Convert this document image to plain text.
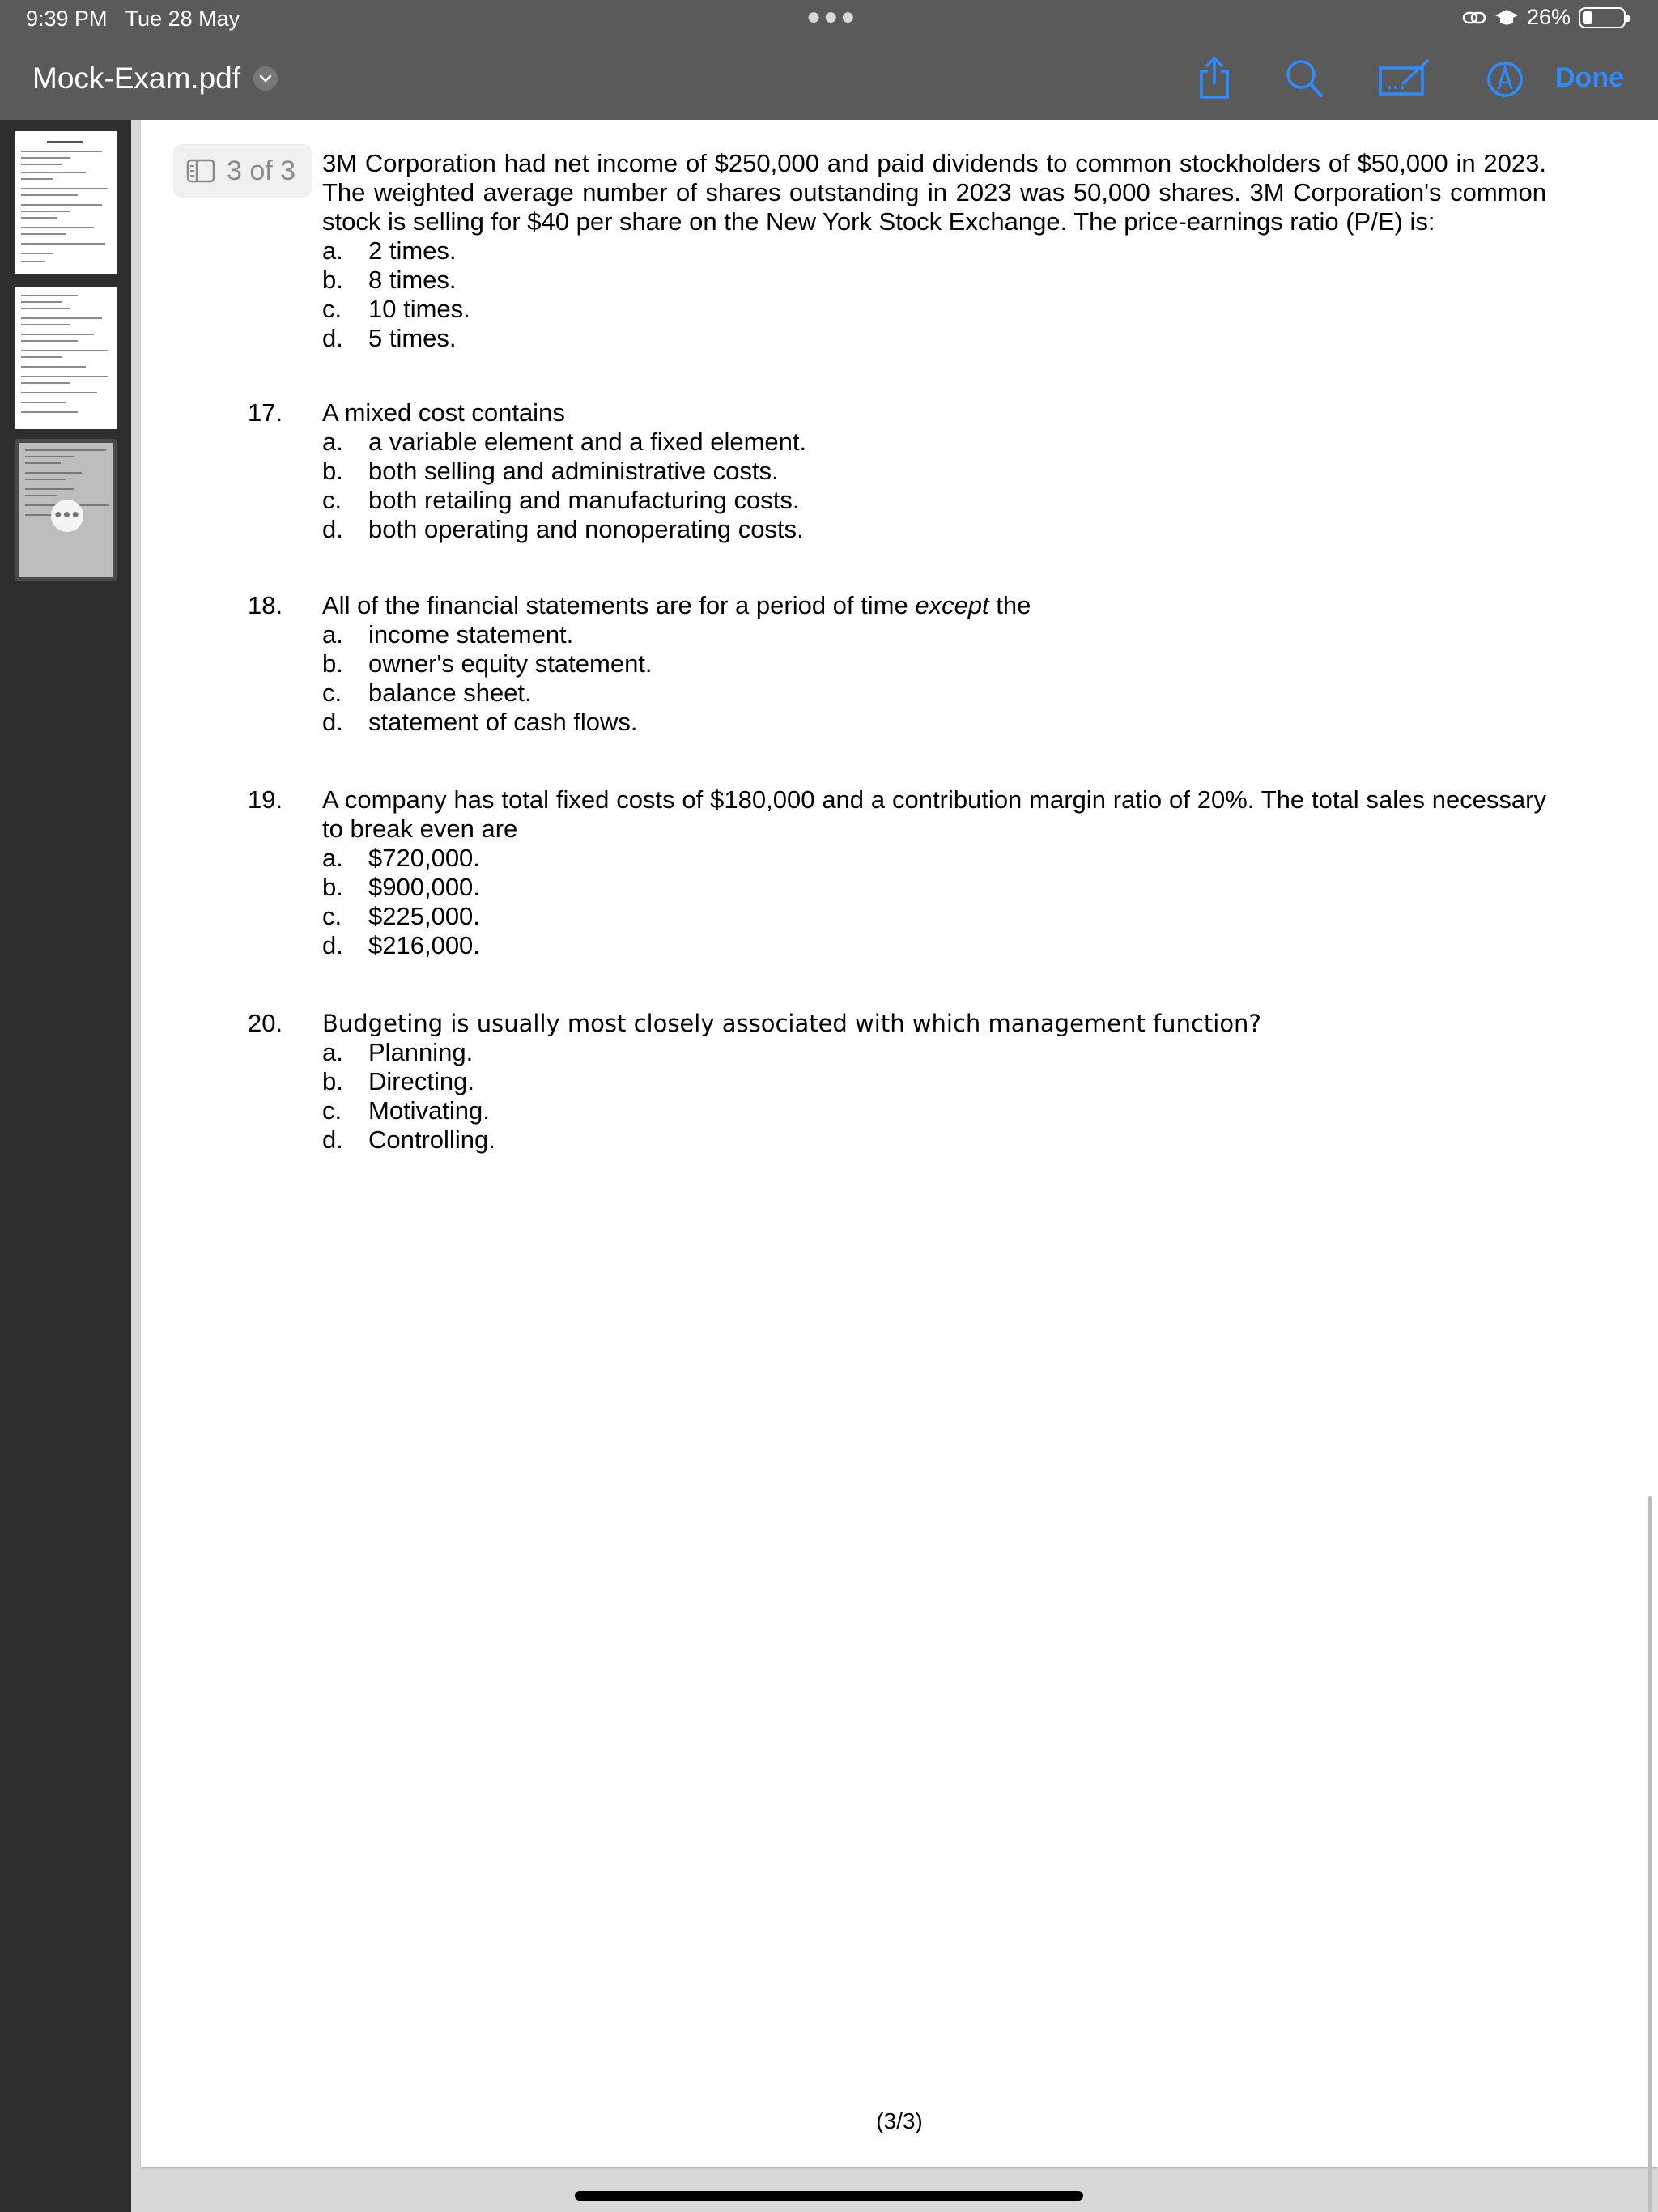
9:39 PM Tue 28 May	●●●	26%
Mock-Exam.pdf	Done
●●●
3 of 3 3M Corporation had net income of $250,000 and paid dividends to common stockholders of $50,000 in 2023. The weighted average number of shares outstanding in 2023 was 50,000 shares. 3M Corporation's common stock is selling for $40 per share on the New York Stock Exchange. The price-earnings ratio (P/E) is:
a.	2 times.
b.	8 times.
c.	10 times.
d.	5 times.
17. A mixed cost contains
a.	a variable element and a fixed element.
b.	both selling and administrative costs.
c.	both retailing and manufacturing costs.
d.	both operating and nonoperating costs.
18. All of the financial statements are for a period of time except the
a.	income statement.
b.	owner's equity statement.
c.	balance sheet.
d.	statement of cash flows.
19. A company has total fixed costs of $180,000 and a contribution margin ratio of 20%. The total sales necessary to break even are
a.	$720,000.
b.	$900,000.
c.	$225,000.
d.	$216,000.
20. Budgeting is usually most closely associated with which management function?
a.	Planning.
b.	Directing.
c.	Motivating.
d.	Controlling.
(3/3)
